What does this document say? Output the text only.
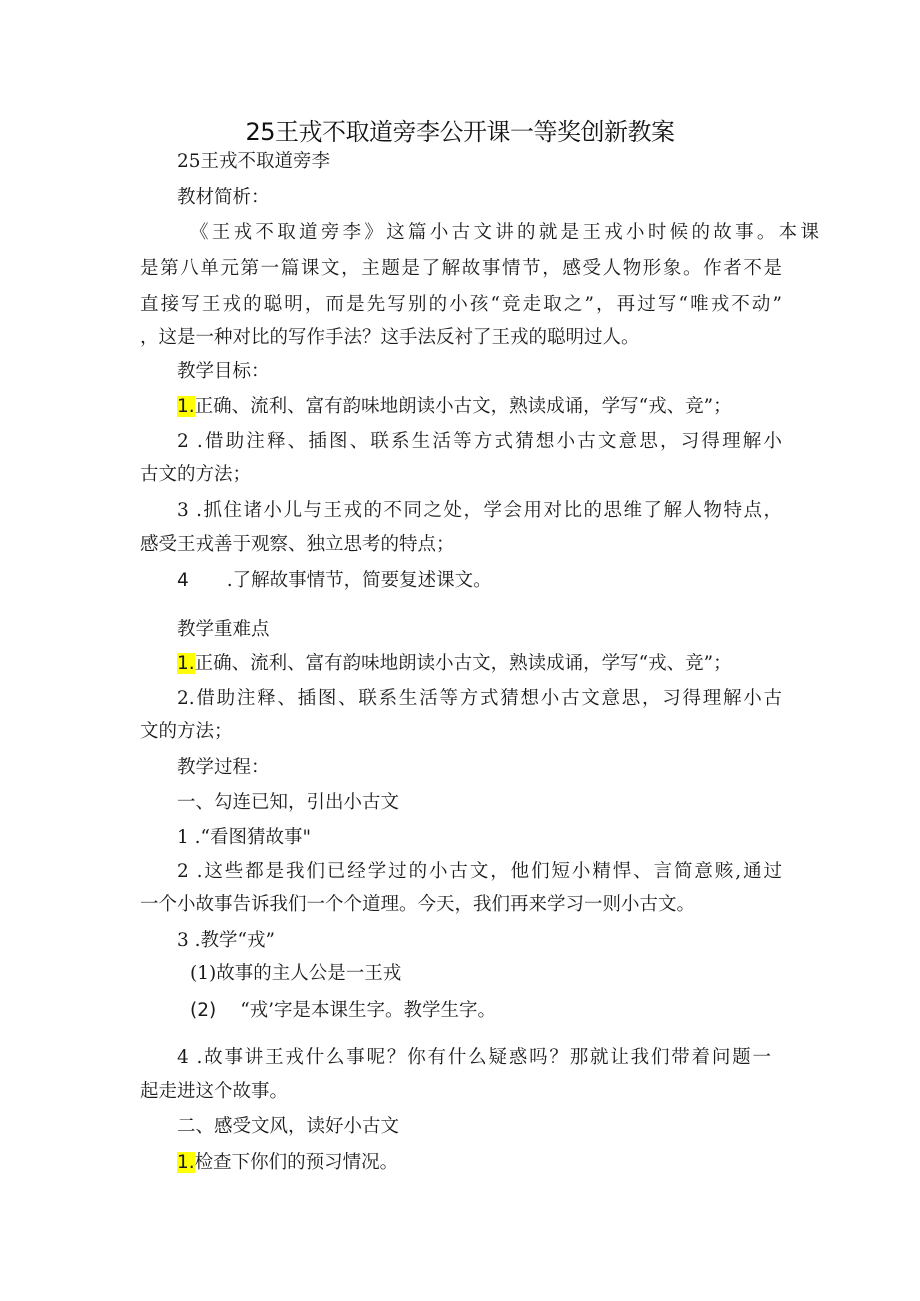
25王戎不取道旁李公开课一等奖创新教案
25王戎不取道旁李
教材简析：
《王戎不取道旁李》这篇小古文讲的就是王戎小时候的故事。本课
是第八单元第一篇课文，主题是了解故事情节，感受人物形象。作者不是
直接写王戎的聪明，而是先写别的小孩“竞走取之”，再过写“唯戎不动”
，这是一种对比的写作手法？这手法反衬了王戎的聪明过人。
教学目标：
1.正确、流利、富有韵味地朗读小古文，熟读成诵，学写“戎、竞”；
2 .借助注释、插图、联系生活等方式猜想小古文意思，习得理解小
古文的方法；
3 .抓住诸小儿与王戎的不同之处，学会用对比的思维了解人物特点，
感受王戎善于观察、独立思考的特点；
4 .了解故事情节，简要复述课文。
教学重难点
1.正确、流利、富有韵味地朗读小古文，熟读成诵，学写“戎、竞”；
2.借助注释、插图、联系生活等方式猜想小古文意思，习得理解小古
文的方法；
教学过程：
一、勾连已知，引出小古文
1 .“看图猜故事"
2 .这些都是我们已经学过的小古文，他们短小精悍、言简意赅,通过
一个小故事告诉我们一个个道理。今天，我们再来学习一则小古文。
3 .教学“戎”
(1)故事的主人公是一王戎
(2) “戎’字是本课生字。教学生字。
4 .故事讲王戎什么事呢？你有什么疑惑吗？那就让我们带着问题一
起走进这个故事。
二、感受文风，读好小古文
1.检查下你们的预习情况。
